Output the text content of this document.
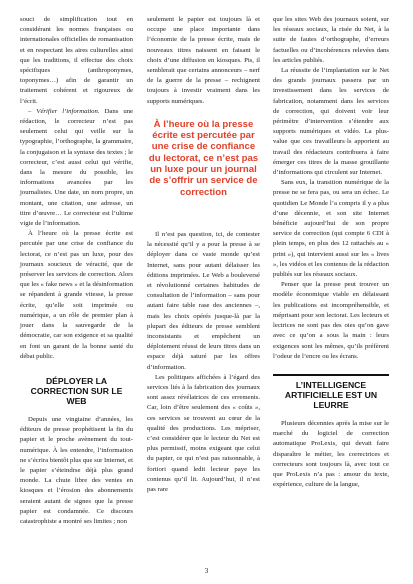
souci de simplification tout en considérant les normes françaises ou internationales officielles de romanisation et en respectant les aires culturelles ainsi que les traditions, il effectue des choix spécifiques (anthroponymes, toponymes…) afin de garantir un traitement cohérent et rigoureux de l’écrit.

– Vérifier l’information. Dans une rédaction, le correcteur n’est pas seulement celui qui veille sur la typographie, l’orthographe, la grammaire, la conjugaison et la syntaxe des textes ; le correcteur, c’est aussi celui qui vérifie, dans la mesure du possible, les informations avancées par les journalistes. Une date, un nom propre, un montant, une citation, une adresse, un titre d’œuvre… Le correcteur est l’ultime vigie de l’information.

À l’heure où la presse écrite est percutée par une crise de confiance du lectorat, ce n’est pas un luxe, pour des journaux soucieux de véracité, que de préserver les services de correction. Alors que les « fake news » et la désinformation se répandent à grande vitesse, la presse écrite, qu’elle soit imprimée ou numérique, a un rôle de premier plan à jouer dans la sauvegarde de la démocratie, car son exigence et sa qualité en font un garant de la bonne santé du débat public.

DÉPLOYER LA CORRECTION SUR LE WEB

Depuis une vingtaine d’années, les éditeurs de presse prophétisent la fin du papier et le proche avènement du tout-numérique. À les entendre, l’information ne s’écrira bientôt plus que sur Internet, et le papier s’éteindrse déjà plus grand monde. La chute libre des ventes en kiosques et l’érosion des abonnements seraient autant de signes que la presse papier est condamnée. Ce discours catastrophiste a montré ses limites ; non

seulement le papier est toujours là et occupe une place importante dans l’économie de la presse écrite, mais de nouveaux titres naissent en faisant le choix d’une diffusion en kiosques. Pis, il semblerait que certains annonceurs – nerf de la guerre de la presse – rechignent toujours à investir vraiment dans les supports numériques.

À l’heure où la presse écrite est percutée par une crise de confiance du lectorat, ce n’est pas un luxe pour un journal de s’offrir un service de correction

Il n’est pas question, ici, de contester la nécessité qu’il y a pour la presse à se déployer dans ce vaste monde qu’est Internet, sans pour autant délaisser les éditions imprimées. Le Web a bouleversé et révolutionné certaines habitudes de consultation de l’information – sans pour autant faire table rase des anciennes –, mais les choix opérés jusque-là par la plupart des éditeurs de presse semblent inconsistants et empêchent un déploiement réussi de leurs titres dans un espace déjà saturé par les offres d’information.

Les politiques affichées à l’égard des services liés à la fabrication des journaux sont assez révélatrices de ces errements. Car, loin d’être seulement des « coûts », ces services se trouvent au cœur de la qualité des productions. Les mépriser, c’est considérer que le lecteur du Net est plus permissif, moins exigeant que celui du papier, ce qui n’est pas raisonnable, à fortiori quand ledit lecteur paye les contenus qu’il lit. Aujourd’hui, il n’est pas rare

que les sites Web des journaux soient, sur les réseaux sociaux, la risée du Net, à la suite de fautes d’orthographe, d’erreurs factuelles ou d’incohérences relevées dans les articles publiés.

La réussite de l’implantation sur le Net des grands journaux passera par un investissement dans les services de fabrication, notamment dans les services de correction, qui doivent voir leur périmètre d’intervention s’étendre aux supports numériques et vidéo. La plus-value que ces travailleurs·ls apportent au travail des rédacteurs contribuera à faire émerger ces titres de la masse grouillante d’informations qui circulent sur Internet.

Sans eux, la transition numérique de la presse ne se fera pas, ou sera un échec. Le quotidien Le Monde l’a compris il y a plus d’une décennie, et son site Internet bénéficie aujourd’hui de son propre service de correction (qui compte 6 CDI à plein temps, en plus des 12 rattachés au « print »), qui intervient aussi sur les « lives », les vidéos et les contenus de la rédaction publiés sur les réseaux sociaux.

Penser que la presse peut trouver un modèle économique viable en délaissant les publications est incompréhensible, et méprisant pour son lectorat. Les lecteurs et lectrices ne sont pas des oies qu’on gave avec ce qu’on a sous la main : leurs exigences sont les mêmes, qu’ils préfèrent l’odeur de l’encre ou les écrans.

L’INTELLIGENCE ARTIFICIELLE EST UN LEURRE

Plusieurs décennies après la mise sur le marché du logiciel de correction automatique ProLexis, qui devait faire disparaître le métier, les correctrices et correcteurs sont toujours là, avec tout ce que ProLexis n’a pas : amour du texte, expérience, culture de la langue,

3
